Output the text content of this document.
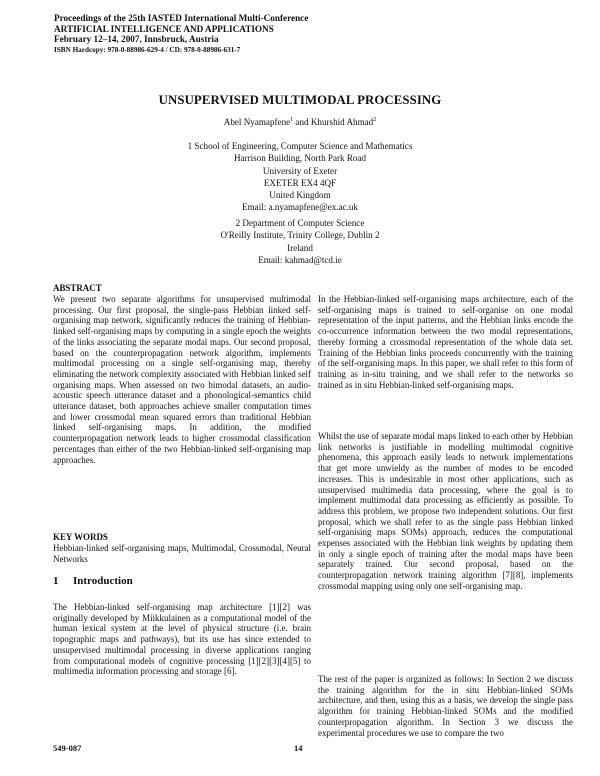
Proceedings of the 25th IASTED International Multi-Conference
ARTIFICIAL INTELLIGENCE AND APPLICATIONS
February 12–14, 2007, Innsbruck, Austria
ISBN Hardcopy: 978-0-88986-629-4 / CD: 978-0-88986-631-7
UNSUPERVISED MULTIMODAL PROCESSING
Abel Nyamapfene$^1$ and Khurshid Ahmad$^2$
1 School of Engineering, Computer Science and Mathematics
Harrison Building, North Park Road
University of Exeter
EXETER EX4 4QF
United Kingdom
Email: a.nyamapfene@ex.ac.uk
2 Department of Computer Science
O'Reilly Institute, Trinity College, Dublin 2
Ireland
Email: kahmad@tcd.ie
ABSTRACT

We present two separate algorithms for unsupervised multimodal processing. Our first proposal, the single-pass Hebbian linked self-organising map network, significantly reduces the training of Hebbian-linked self-organising maps by computing in a single epoch the weights of the links associating the separate modal maps. Our second proposal, based on the counterpropagation network algorithm, implements multimodal processing on a single self-organising map, thereby eliminating the network complexity associated with Hebbian linked self organising maps. When assessed on two bimodal datasets, an audio-acoustic speech utterance dataset and a phonological-semantics child utterance dataset, both approaches achieve smaller computation times and lower crossmodal mean squared errors than traditional Hebbian linked self-organising maps. In addition, the modified counterpropagation network leads to higher crossmodal classification percentages than either of the two Hebbian-linked self-organising map approaches.

KEY WORDS

Hebbian-linked self-organising maps, Multimodal, Crossmodal, Neural Networks

1 Introduction

The Hebbian-linked self-organising map architecture [1][2] was originally developed by Miikkulainen as a computational model of the human lexical system at the level of physical structure (i.e. brain topographic maps and pathways), but its use has since extended to unsupervised multimodal processing in diverse applications ranging from computational models of cognitive processing [1][2][3][4][5] to multimedia information processing and storage [6].

In the Hebbian-linked self-organising maps architecture, each of the self-organising maps is trained to self-organise on one modal representation of the input patterns, and the Hebbian links encode the co-occurrence information between the two modal representations, thereby forming a crossmodal representation of the whole data set. Training of the Hebbian links proceeds concurrently with the training of the self-organising maps. In this paper, we shall refer to this form of training as in-situ training, and we shall refer to the networks so trained as in situ Hebbian-linked self-organising maps.

Whilst the use of separate modal maps linked to each other by Hebbian link networks is justifiable in modelling multimodal cognitive phenomena, this approach easily leads to network implementations that get more unwieldy as the number of modes to be encoded increases. This is undesirable in most other applications, such as unsupervised multimedia data processing, where the goal is to implement multimodal data processing as efficiently as possible. To address this problem, we propose two independent solutions. Our first proposal, which we shall refer to as the single pass Hebbian linked self-organising maps SOMs) approach, reduces the computational expenses associated with the Hebbian link weights by updating them in only a single epoch of training after the modal maps have been separately trained. Our second proposal, based on the counterpropagation network training algorithm [7][8], implements crossmodal mapping using only one self-organising map.

The rest of the paper is organized as follows: In Section 2 we discuss the training algorithm for the in situ Hebbian-linked SOMs architecture, and then, using this as a basis, we develop the single pass algorithm for training Hebbian-linked SOMs and the modified counterpropagation algorithm. In Section 3 we discuss the experimental procedures we use to compare the two

549-087	14
